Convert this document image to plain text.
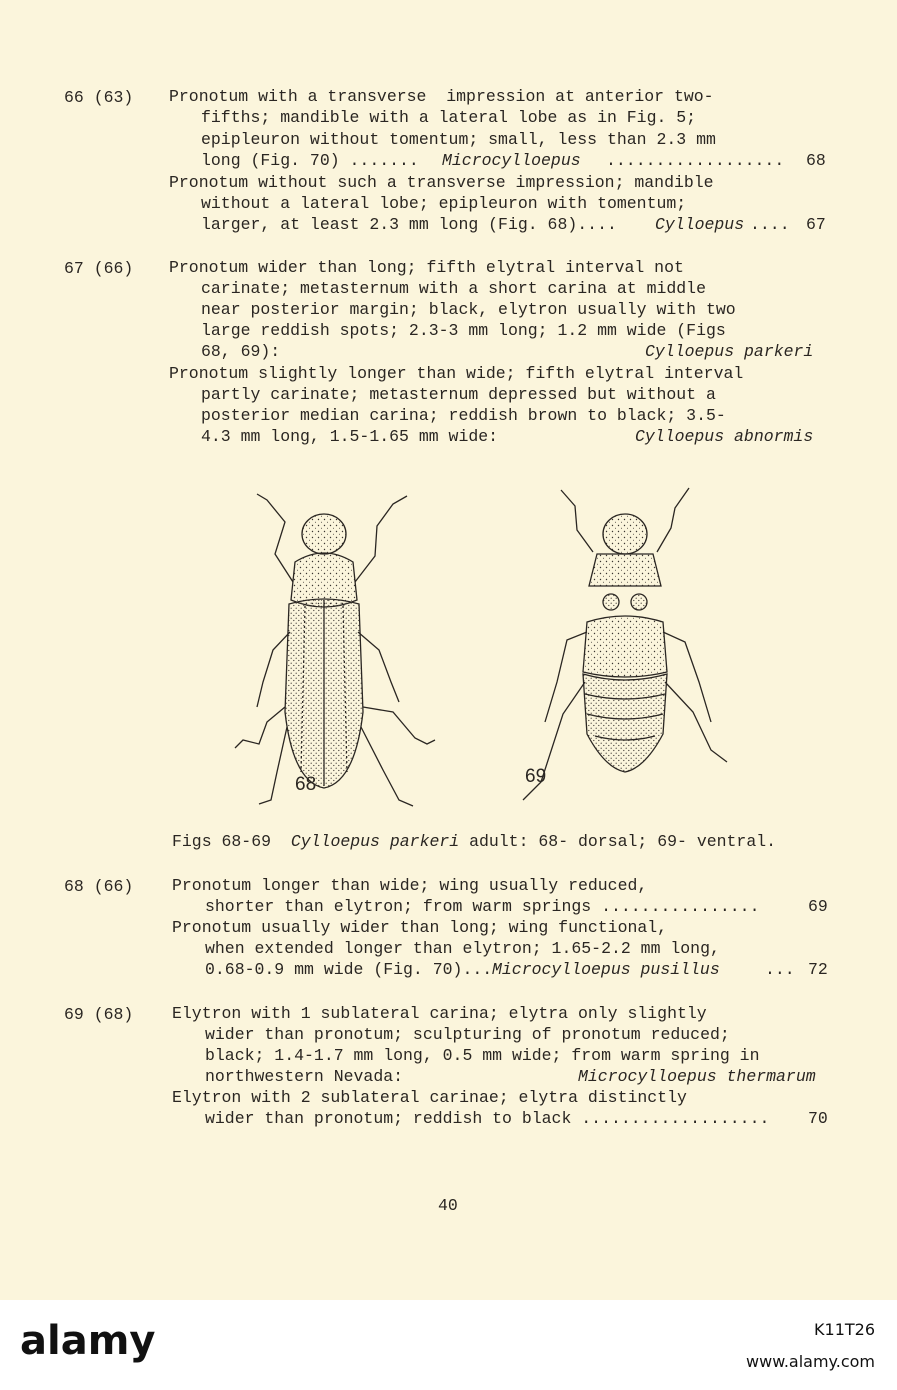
66 (63) Pronotum with a transverse  impression at anterior two-
fifths; mandible with a lateral lobe as in Fig. 5;
epipleuron without tomentum; small, less than 2.3 mm
long (Fig. 70) ....... Microcylloepus .................. 68
Pronotum without such a transverse impression; mandible
without a lateral lobe; epipleuron with tomentum;
larger, at least 2.3 mm long (Fig. 68).... Cylloepus .... 67
67 (66) Pronotum wider than long; fifth elytral interval not
carinate; metasternum with a short carina at middle
near posterior margin; black, elytron usually with two
large reddish spots; 2.3-3 mm long; 1.2 mm wide (Figs
68, 69):	Cylloepus parkeri
Pronotum slightly longer than wide; fifth elytral interval
partly carinate; metasternum depressed but without a
posterior median carina; reddish brown to black; 3.5-
4.3 mm long, 1.5-1.65 mm wide:	Cylloepus abnormis
68	69
Figs 68-69 Cylloepus parkeri adult: 68- dorsal; 69- ventral.
68 (66) Pronotum longer than wide; wing usually reduced,
shorter than elytron; from warm springs ................	69
Pronotum usually wider than long; wing functional,
when extended longer than elytron; 1.65-2.2 mm long,
0.68-0.9 mm wide (Fig. 70)... Microcylloepus pusillus	... 72
69 (68) Elytron with 1 sublateral carina; elytra only slightly
wider than pronotum; sculpturing of pronotum reduced;
black; 1.4-1.7 mm long, 0.5 mm wide; from warm spring in
northwestern Nevada:	Microcylloepus thermarum
Elytron with 2 sublateral carinae; elytra distinctly
wider than pronotum; reddish to black ................... 70
40
alamy	K11T26
www.alamy.com
